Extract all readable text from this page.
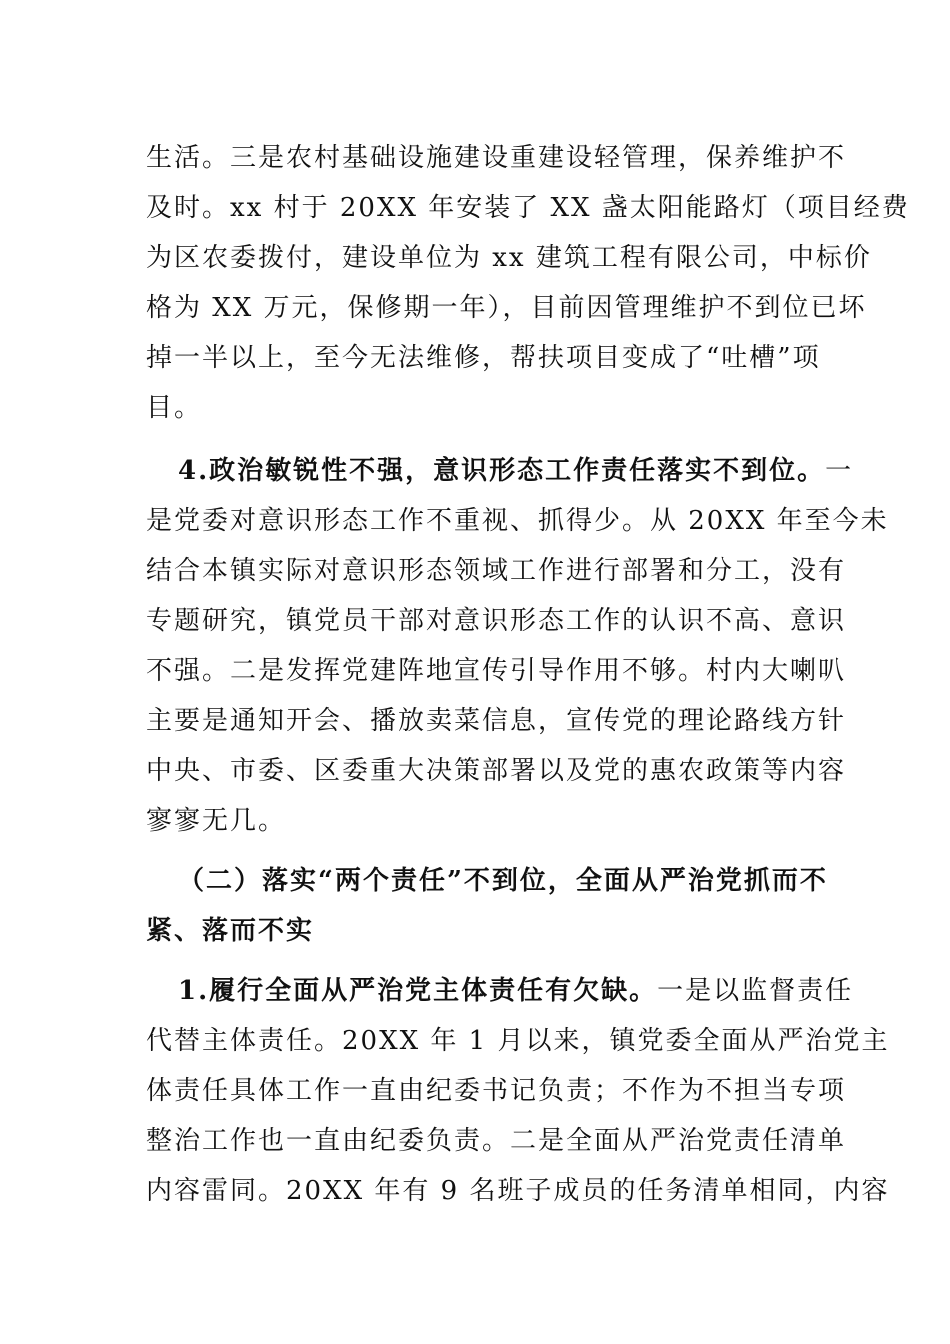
生活。三是农村基础设施建设重建设轻管理，保养维护不
及时。xx 村于 20XX 年安装了 XX 盏太阳能路灯（项目经费
为区农委拨付，建设单位为 xx 建筑工程有限公司，中标价
格为 XX 万元，保修期一年），目前因管理维护不到位已坏
掉一半以上，至今无法维修，帮扶项目变成了“吐槽”项
目。
4.政治敏锐性不强，意识形态工作责任落实不到位。一
是党委对意识形态工作不重视、抓得少。从 20XX 年至今未
结合本镇实际对意识形态领域工作进行部署和分工，没有
专题研究，镇党员干部对意识形态工作的认识不高、意识
不强。二是发挥党建阵地宣传引导作用不够。村内大喇叭
主要是通知开会、播放卖菜信息，宣传党的理论路线方针
中央、市委、区委重大决策部署以及党的惠农政策等内容
寥寥无几。
（二）落实“两个责任”不到位，全面从严治党抓而不
紧、落而不实
1.履行全面从严治党主体责任有欠缺。一是以监督责任
代替主体责任。20XX 年 1 月以来，镇党委全面从严治党主
体责任具体工作一直由纪委书记负责；不作为不担当专项
整治工作也一直由纪委负责。二是全面从严治党责任清单
内容雷同。20XX 年有 9 名班子成员的任务清单相同，内容
